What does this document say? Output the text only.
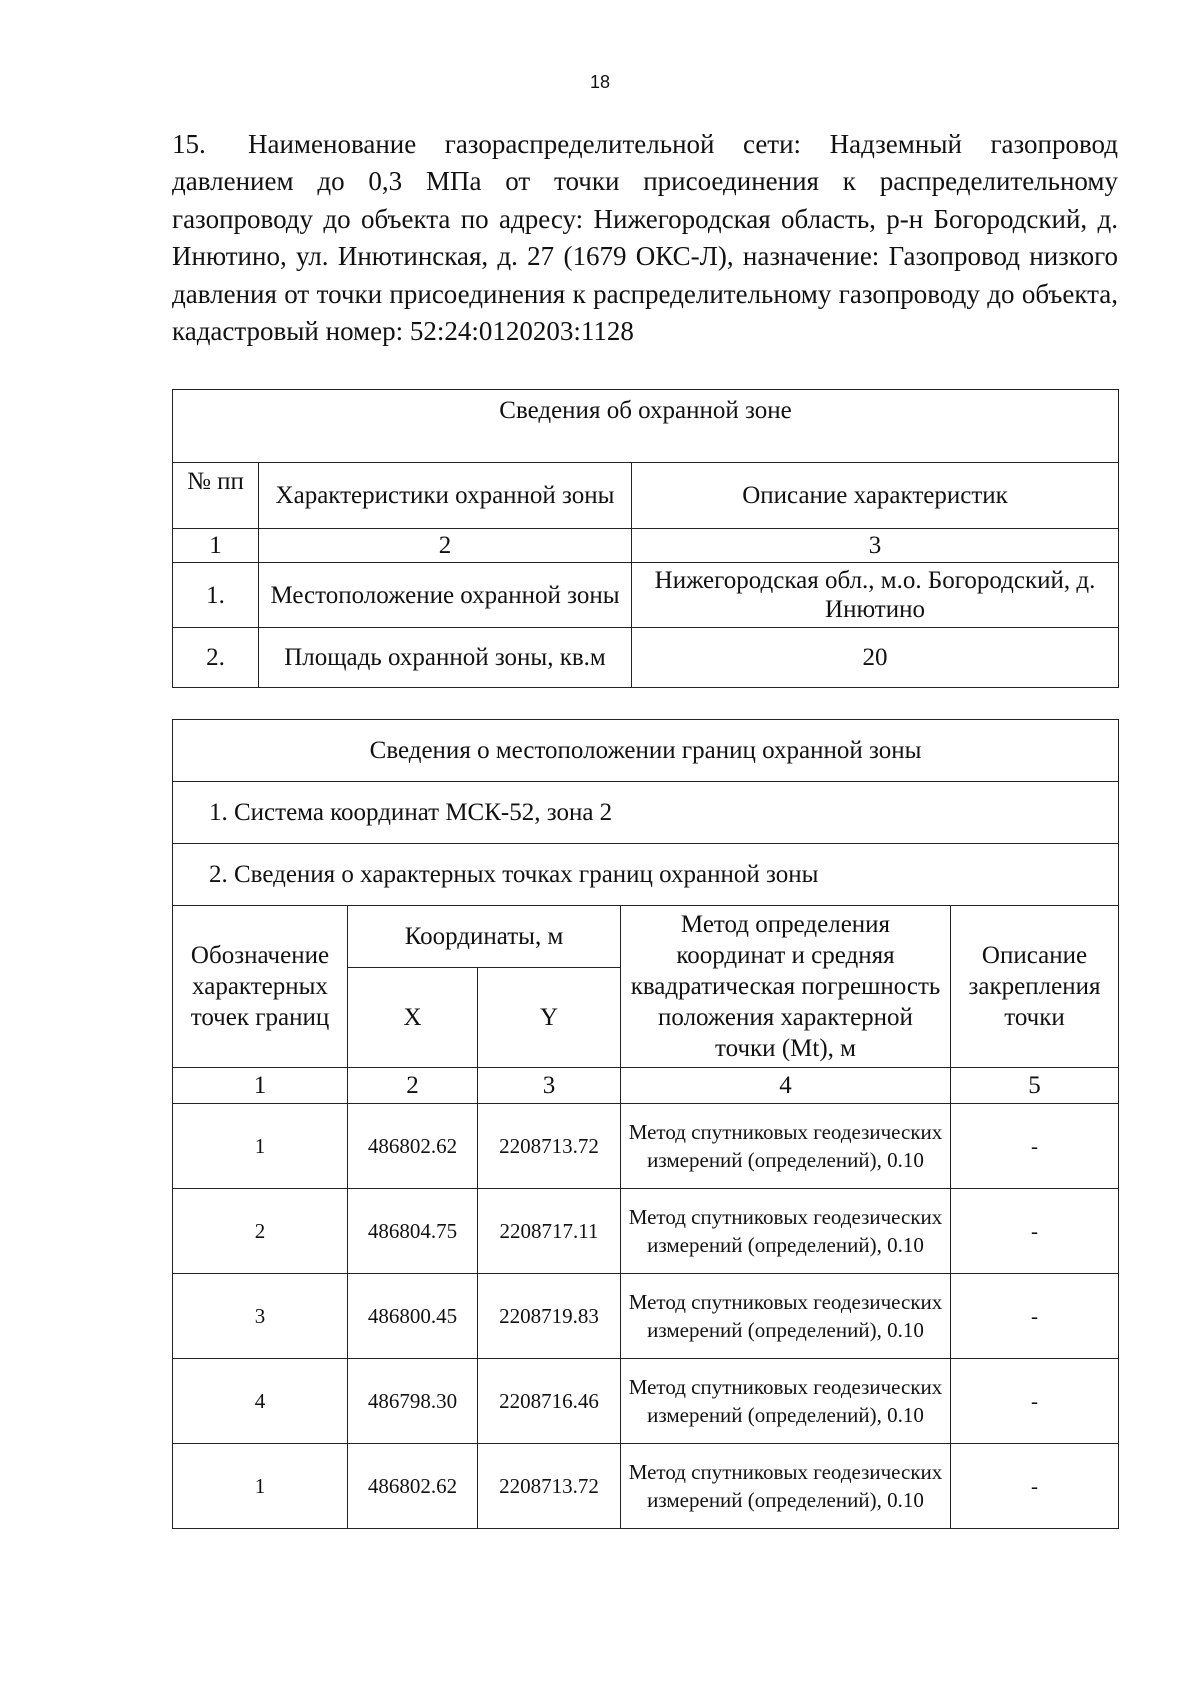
18

15. Наименование газораспределительной сети: Надземный газопровод давлением до 0,3 МПа от точки присоединения к распределительному газопроводу до объекта по адресу: Нижегородская область, р-н Богородский, д. Инютино, ул. Инютинская, д. 27 (1679 ОКС-Л), назначение: Газопровод низкого давления от точки присоединения к распределительному газопроводу до объекта, кадастровый номер: 52:24:0120203:1128

Сведения об охранной зоне		
№ пп	Характеристики охранной зоны	Описание характеристик
1	2	3
1.	Местоположение охранной зоны	Нижегородская обл., м.о. Богородский, д. Инютино
2.	Площадь охранной зоны, кв.м	20
Сведения о местоположении границ охранной зоны				
1. Система координат МСК-52, зона 2				
2. Сведения о характерных точках границ охранной зоны				
Обозначение характерных точек границ	Координаты, м		Метод определения координат и средняя квадратическая погрешность положения характерной точки (Mt), м	Описание закрепления точки
	X	Y		
1	2	3	4	5
1	486802.62	2208713.72	Метод спутниковых геодезических измерений (определений), 0.10	-
2	486804.75	2208717.11	Метод спутниковых геодезических измерений (определений), 0.10	-
3	486800.45	2208719.83	Метод спутниковых геодезических измерений (определений), 0.10	-
4	486798.30	2208716.46	Метод спутниковых геодезических измерений (определений), 0.10	-
1	486802.62	2208713.72	Метод спутниковых геодезических измерений (определений), 0.10	-
